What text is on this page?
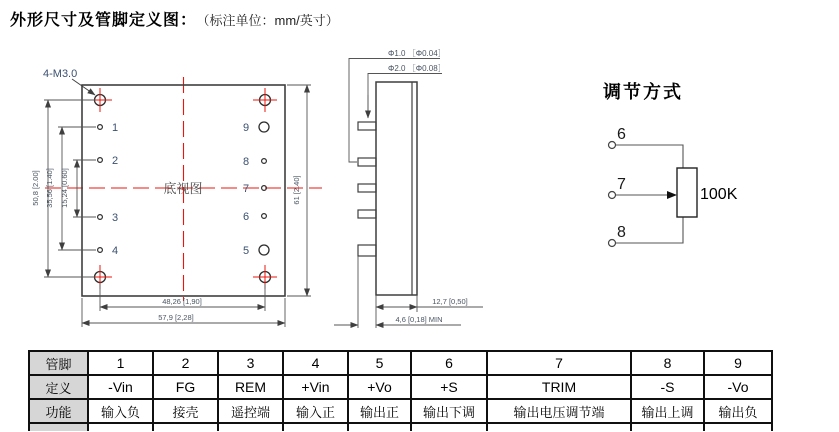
外形尺寸及管脚定义图： （标注单位：mm/英寸）
4-M3.0
底视图
1
2
3
4
9
8
7
6
5
50,8 [2.00] 35,56 [1.40] 15,24 [0.60]	61 [2.40]
48,26 [1,90]
57,9 [2,28]
Φ1.0 ［Φ0.04］
Φ2.0 ［Φ0.08］
12,7 [0,50]
4,6 [0,18] MIN
调节方式
100K
6
7
8
管脚	1	2	3	4	5	6	7	8	9
定义	-Vin	FG	REM	+Vin	+Vo	+S	TRIM	-S	-Vo
功能	输入负	接壳	遥控端	输入正	输出正	输出下调	输出电压调节端	输出上调	输出负
